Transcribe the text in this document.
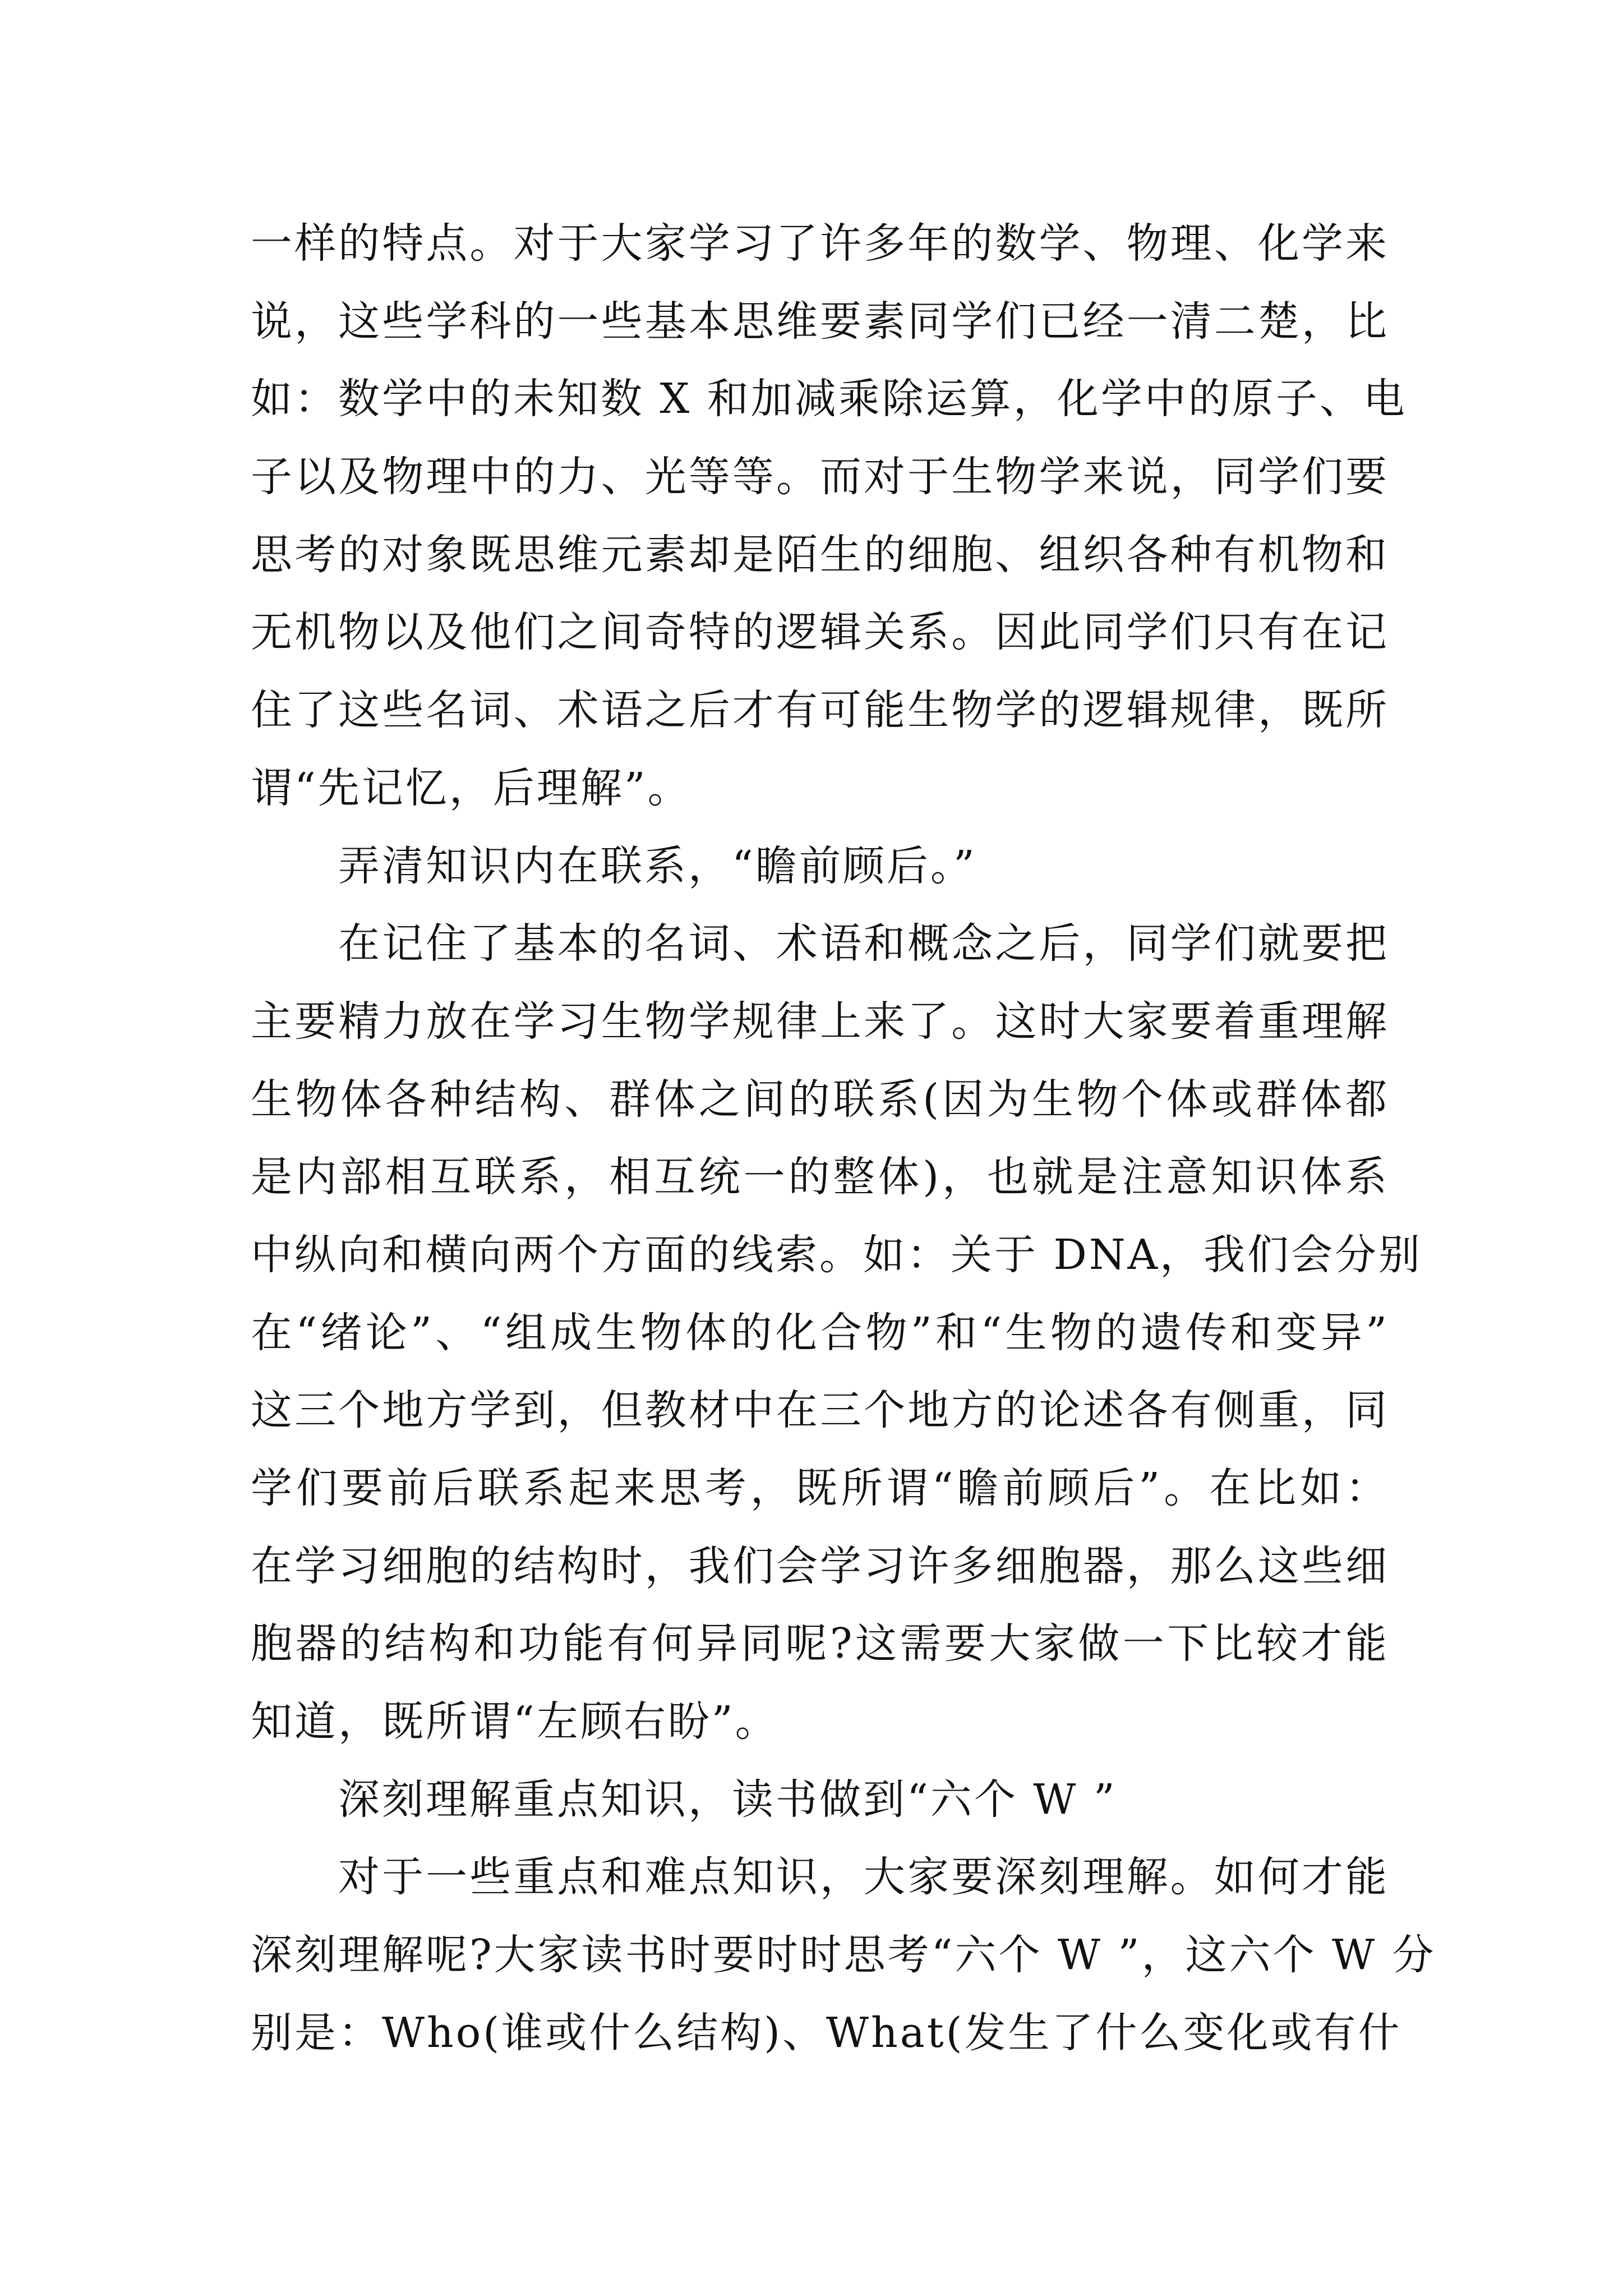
一样的特点。对于大家学习了许多年的数学、物理、化学来
说，这些学科的一些基本思维要素同学们已经一清二楚，比
如：数学中的未知数 X 和加减乘除运算，化学中的原子、电
子以及物理中的力、光等等。而对于生物学来说，同学们要
思考的对象既思维元素却是陌生的细胞、组织各种有机物和
无机物以及他们之间奇特的逻辑关系。因此同学们只有在记
住了这些名词、术语之后才有可能生物学的逻辑规律，既所
谓“先记忆，后理解”。
弄清知识内在联系，“瞻前顾后。”
在记住了基本的名词、术语和概念之后，同学们就要把
主要精力放在学习生物学规律上来了。这时大家要着重理解
生物体各种结构、群体之间的联系(因为生物个体或群体都
是内部相互联系，相互统一的整体)，也就是注意知识体系
中纵向和横向两个方面的线索。如：关于 DNA，我们会分别
在“绪论”、“组成生物体的化合物”和“生物的遗传和变异”
这三个地方学到，但教材中在三个地方的论述各有侧重，同
学们要前后联系起来思考，既所谓“瞻前顾后”。在比如：
在学习细胞的结构时，我们会学习许多细胞器，那么这些细
胞器的结构和功能有何异同呢?这需要大家做一下比较才能
知道，既所谓“左顾右盼”。
深刻理解重点知识，读书做到“六个 W ”
对于一些重点和难点知识，大家要深刻理解。如何才能
深刻理解呢?大家读书时要时时思考“六个 W ”，这六个 W 分
别是：Who(谁或什么结构)、What(发生了什么变化或有什
